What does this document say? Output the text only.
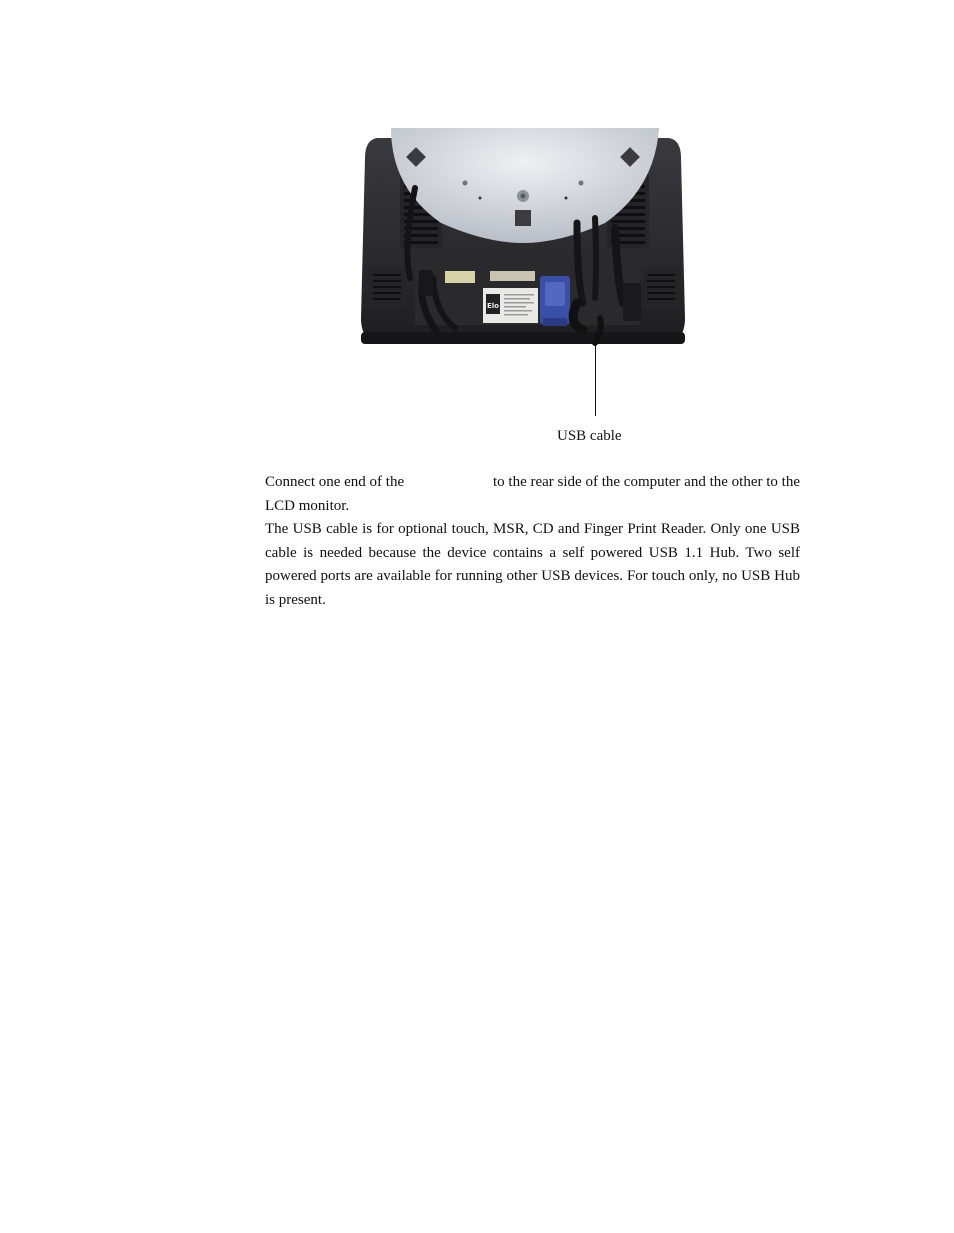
Elo
USB cable
Connect one end of the	to the rear side of the computer and the other to the

LCD monitor.

The USB cable is for optional touch, MSR, CD and Finger Print Reader. Only one USB cable is needed because the device contains a self powered USB 1.1 Hub. Two self powered ports are available for running other USB devices. For touch only, no USB Hub is present.
